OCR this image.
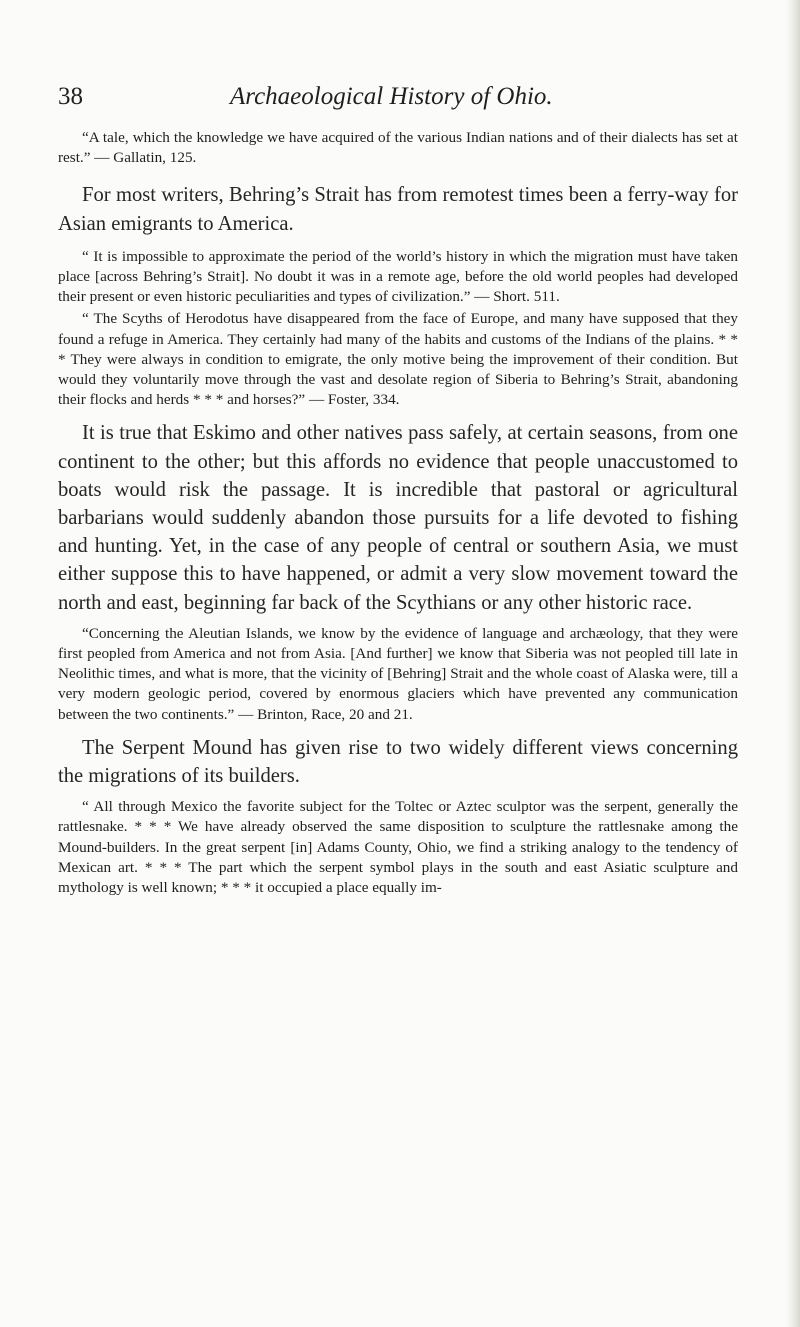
38	Archaeological History of Ohio.

“A tale, which the knowledge we have acquired of the various Indian nations and of their dialects has set at rest.” — Gallatin, 125.

For most writers, Behring’s Strait has from remotest times been a ferry-way for Asian emigrants to America.

“ It is impossible to approximate the period of the world’s history in which the migration must have taken place [across Behring’s Strait]. No doubt it was in a remote age, before the old world peoples had developed their present or even historic peculiarities and types of civilization.” — Short. 511.

“ The Scyths of Herodotus have disappeared from the face of Europe, and many have supposed that they found a refuge in America. They certainly had many of the habits and customs of the Indians of the plains. * * * They were always in condition to emigrate, the only motive being the improvement of their condition. But would they voluntarily move through the vast and desolate region of Siberia to Behring’s Strait, abandoning their flocks and herds * * * and horses?” — Foster, 334.

It is true that Eskimo and other natives pass safely, at certain seasons, from one continent to the other; but this affords no evidence that people unaccustomed to boats would risk the passage. It is incredible that pastoral or agricultural barbarians would suddenly abandon those pursuits for a life devoted to fishing and hunting. Yet, in the case of any people of central or southern Asia, we must either suppose this to have happened, or admit a very slow movement toward the north and east, beginning far back of the Scythians or any other historic race.

“Concerning the Aleutian Islands, we know by the evidence of language and archæology, that they were first peopled from America and not from Asia. [And further] we know that Siberia was not peopled till late in Neolithic times, and what is more, that the vicinity of [Behring] Strait and the whole coast of Alaska were, till a very modern geologic period, covered by enormous glaciers which have prevented any communication between the two continents.” — Brinton, Race, 20 and 21.

The Serpent Mound has given rise to two widely different views concerning the migrations of its builders.

“ All through Mexico the favorite subject for the Toltec or Aztec sculptor was the serpent, generally the rattlesnake. * * * We have already observed the same disposition to sculpture the rattlesnake among the Mound-builders. In the great serpent [in] Adams County, Ohio, we find a striking analogy to the tendency of Mexican art. * * * The part which the serpent symbol plays in the south and east Asiatic sculpture and mythology is well known; * * * it occupied a place equally im-
